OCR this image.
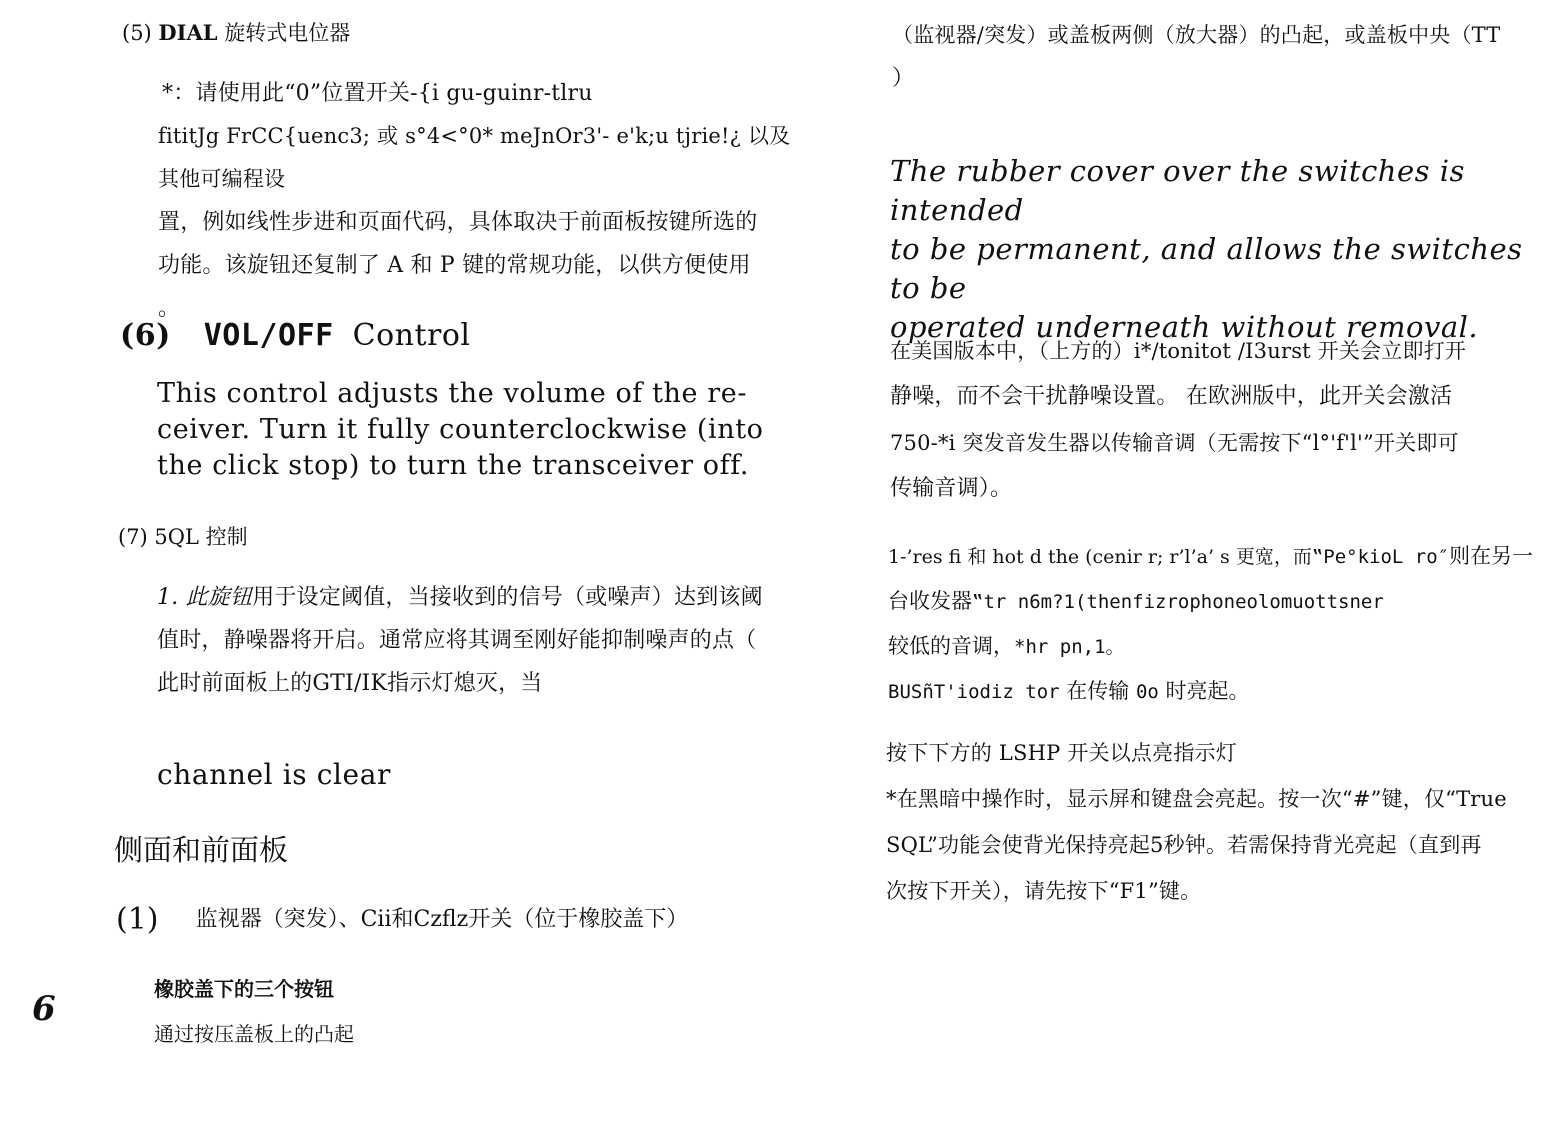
(5) DIAL 旋转式电位器
*：请使用此“0”位置开关-{i gu-guinr-tlru
fititJg FrCC{uenc3; 或 s°4<°0* meJnOr3'- e'k;u tjrie!¿ 以及其他可编程设
置，例如线性步进和页面代码，具体取决于前面板按键所选的
功能。该旋钮还复制了 A 和 P 键的常规功能，以供方便使用
。
(6) VOL/OFF Control
This control adjusts the volume of the re-
ceiver. Turn it fully counterclockwise (into
the click stop) to turn the transceiver off.
(7) 5QL 控制
1. 此旋钮用于设定阈值，当接收到的信号（或噪声）达到该阈
值时，静噪器将开启。通常应将其调至刚好能抑制噪声的点（
此时前面板上的GTI/IK指示灯熄灭，当
channel is clear
侧面和前面板
(1) 监视器（突发）、Cii和Czflz开关（位于橡胶盖下）
橡胶盖下的三个按钮
通过按压盖板上的凸起
6
（监视器/突发）或盖板两侧（放大器）的凸起，或盖板中央（TT
）
The rubber cover over the switches is intended
to be permanent, and allows the switches to be
operated underneath without removal.
在美国版本中，（上方的）i*/tonitot /I3urst 开关会立即打开
静噪，而不会干扰静噪设置。 在欧洲版中，此开关会激活
750-*i 突发音发生器以传输音调（无需按下“l°'f'l'”开关即可
传输音调）。
1-’res fi 和 hot d the (cenir r; r’l’a’ s 更宽，而‟Pe°kioL ro″则在另一
台收发器‟tr n6m?1(thenfizrophoneolomuottsner
较低的音调，*hr pn,1。
BUSñT'iodiz tor 在传输 0o 时亮起。
按下下方的 LSHP 开关以点亮指示灯
*在黑暗中操作时，显示屏和键盘会亮起。按一次“#”键，仅“True
SQL”功能会使背光保持亮起5秒钟。若需保持背光亮起（直到再
次按下开关），请先按下“F1”键。
